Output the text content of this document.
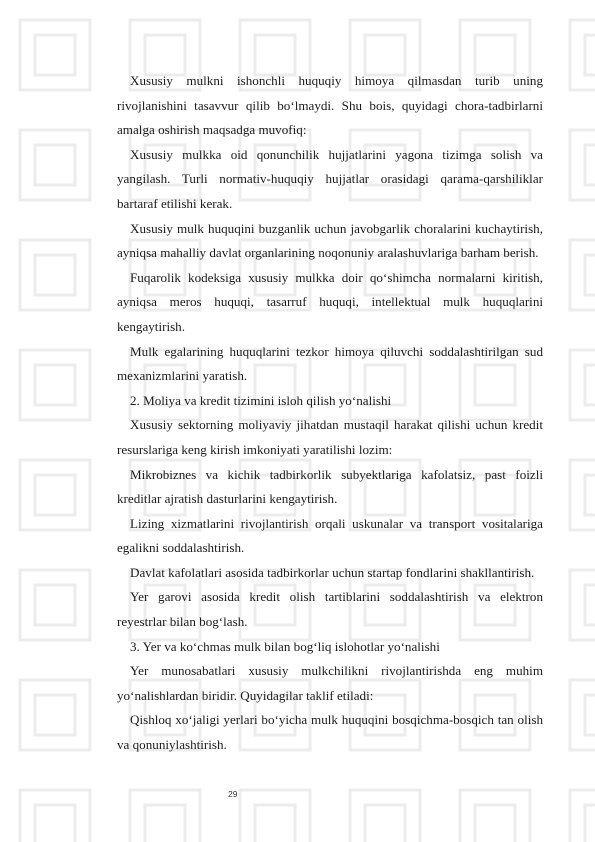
Xususiy mulkni ishonchli huquqiy himoya qilmasdan turib uning rivojlanishini tasavvur qilib bo‘lmaydi. Shu bois, quyidagi chora-tadbirlarni amalga oshirish maqsadga muvofiq:

Xususiy mulkka oid qonunchilik hujjatlarini yagona tizimga solish va yangilash. Turli normativ-huquqiy hujjatlar orasidagi qarama-qarshiliklar bartaraf etilishi kerak.

Xususiy mulk huquqini buzganlik uchun javobgarlik choralarini kuchaytirish, ayniqsa mahalliy davlat organlarining noqonuniy aralashuvlariga barham berish.

Fuqarolik kodeksiga xususiy mulkka doir qo‘shimcha normalarni kiritish, ayniqsa meros huquqi, tasarruf huquqi, intellektual mulk huquqlarini kengaytirish.

Mulk egalarining huquqlarini tezkor himoya qiluvchi soddalashtirilgan sud mexanizmlarini yaratish.

2. Moliya va kredit tizimini isloh qilish yo‘nalishi

Xususiy sektorning moliyaviy jihatdan mustaqil harakat qilishi uchun kredit resurslariga keng kirish imkoniyati yaratilishi lozim:

Mikrobiznes va kichik tadbirkorlik subyektlariga kafolatsiz, past foizli kreditlar ajratish dasturlarini kengaytirish.

Lizing xizmatlarini rivojlantirish orqali uskunalar va transport vositalariga egalikni soddalashtirish.

Davlat kafolatlari asosida tadbirkorlar uchun startap fondlarini shakllantirish.

Yer garovi asosida kredit olish tartiblarini soddalashtirish va elektron reyestrlar bilan bog‘lash.

3. Yer va ko‘chmas mulk bilan bog‘liq islohotlar yo‘nalishi

Yer munosabatlari xususiy mulkchilikni rivojlantirishda eng muhim yo‘nalishlardan biridir. Quyidagilar taklif etiladi:

Qishloq xo‘jaligi yerlari bo‘yicha mulk huquqini bosqichma-bosqich tan olish va qonuniylashtirish.

29
